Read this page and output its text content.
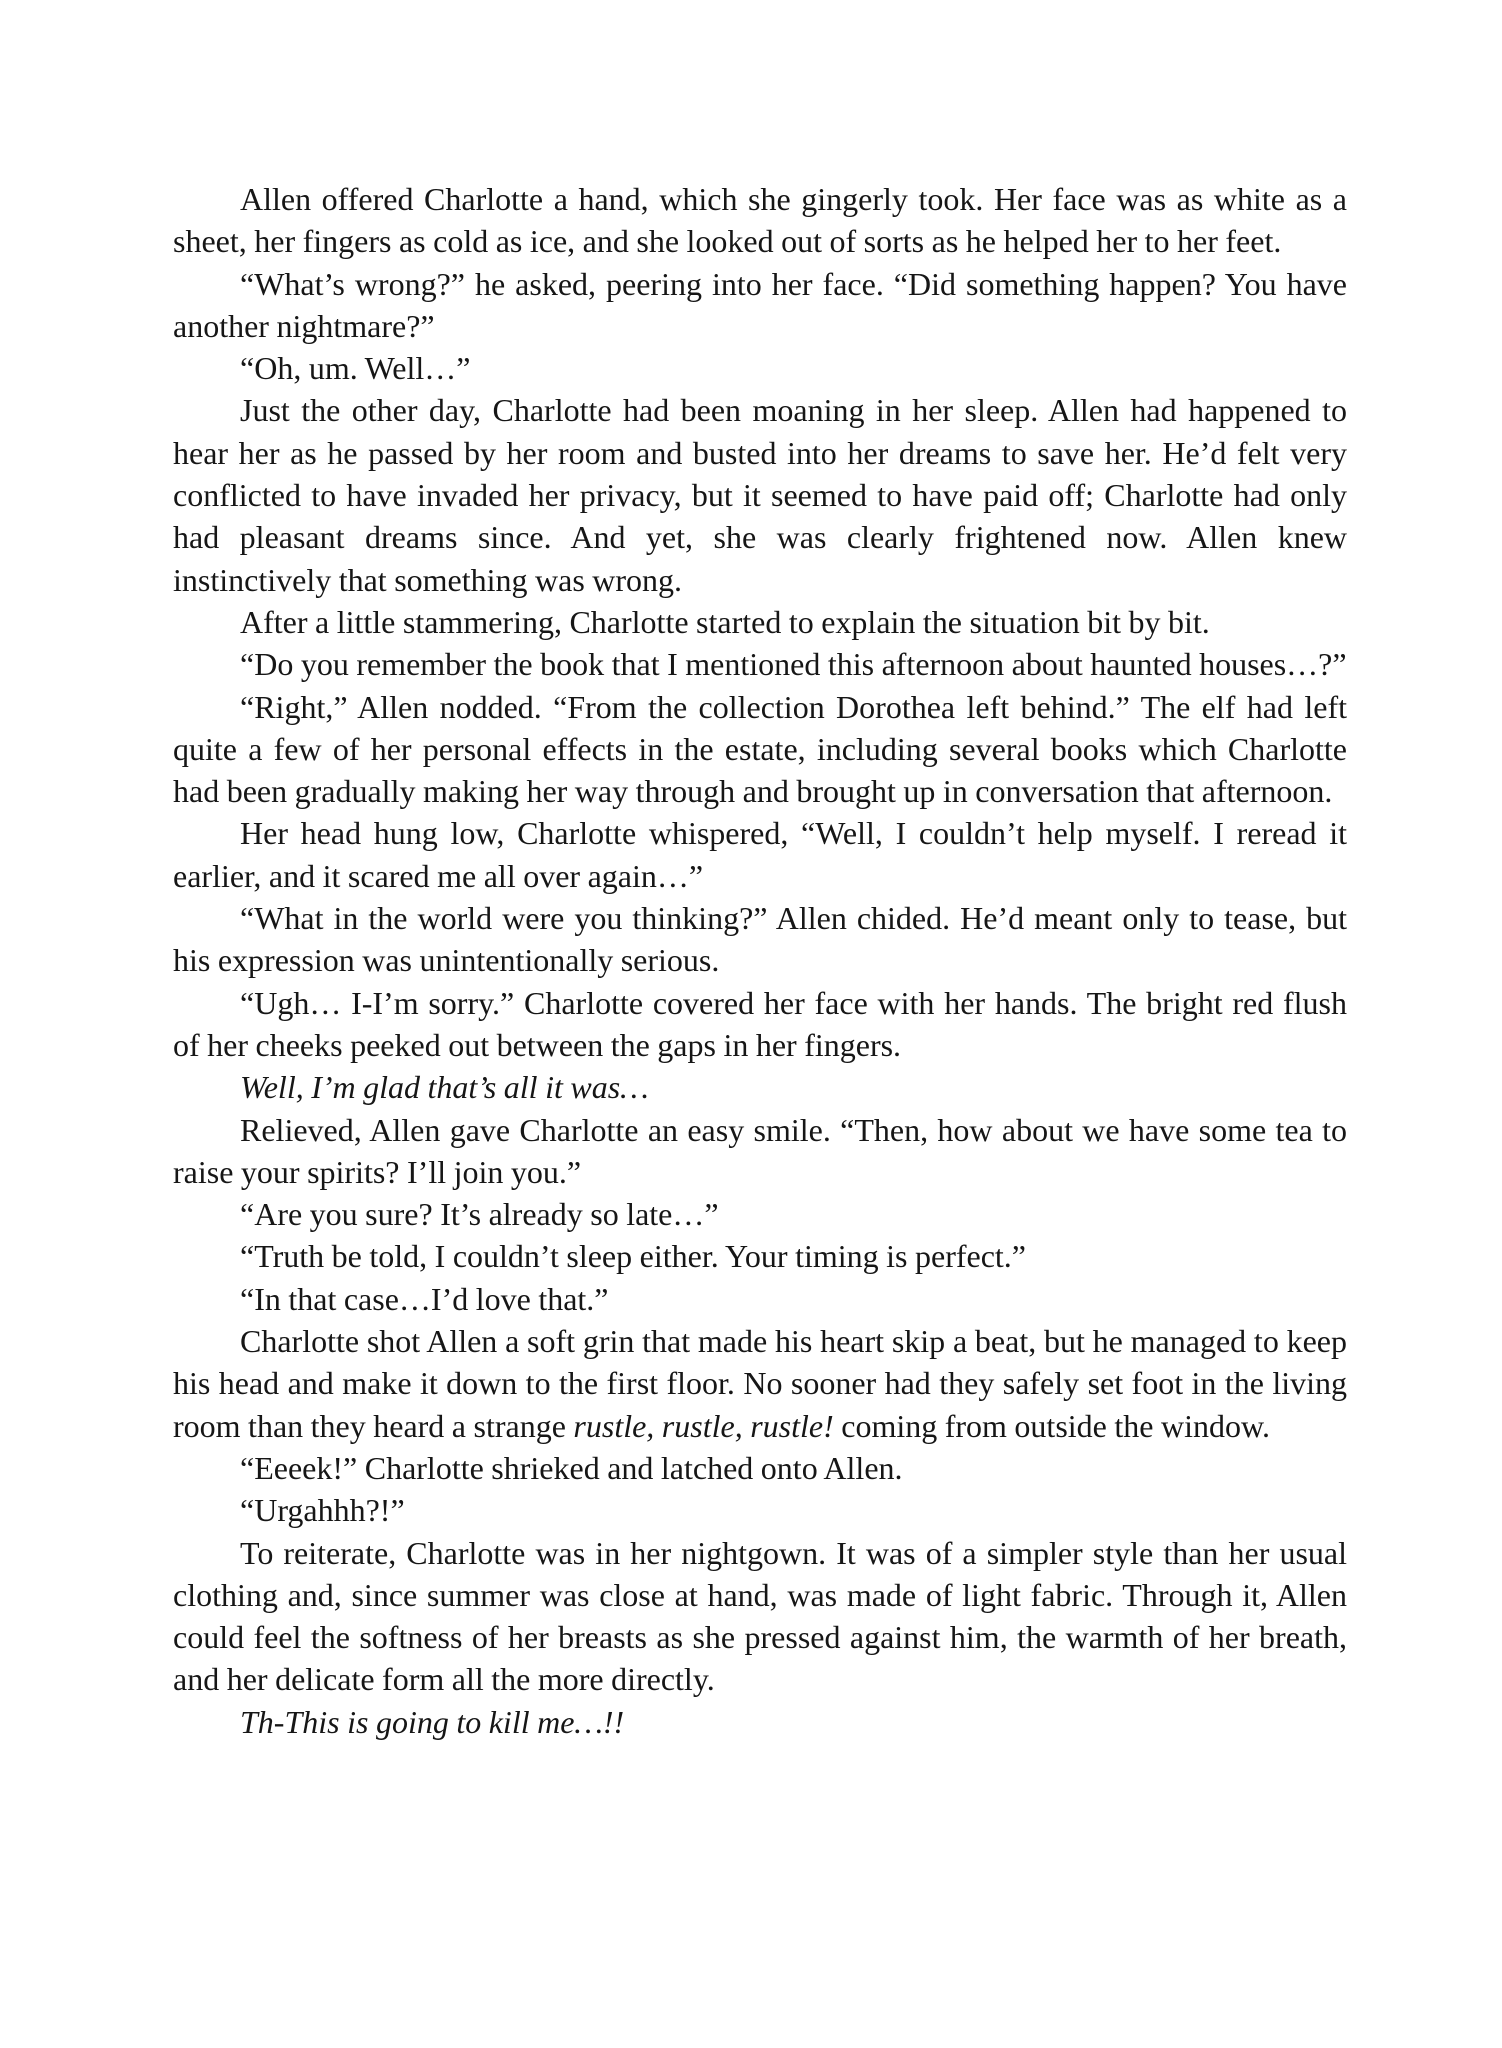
Allen offered Charlotte a hand, which she gingerly took. Her face was as white as a sheet, her fingers as cold as ice, and she looked out of sorts as he helped her to her feet.

“What’s wrong?” he asked, peering into her face. “Did something happen? You have another nightmare?”

“Oh, um. Well…”

Just the other day, Charlotte had been moaning in her sleep. Allen had happened to hear her as he passed by her room and busted into her dreams to save her. He’d felt very conflicted to have invaded her privacy, but it seemed to have paid off; Charlotte had only had pleasant dreams since. And yet, she was clearly frightened now. Allen knew instinctively that something was wrong.

After a little stammering, Charlotte started to explain the situation bit by bit.

“Do you remember the book that I mentioned this afternoon about haunted houses…?”

“Right,” Allen nodded. “From the collection Dorothea left behind.” The elf had left quite a few of her personal effects in the estate, including several books which Charlotte had been gradually making her way through and brought up in conversation that afternoon.

Her head hung low, Charlotte whispered, “Well, I couldn’t help myself. I reread it earlier, and it scared me all over again…”

“What in the world were you thinking?” Allen chided. He’d meant only to tease, but his expression was unintentionally serious.

“Ugh… I-I’m sorry.” Charlotte covered her face with her hands. The bright red flush of her cheeks peeked out between the gaps in her fingers.

Well, I’m glad that’s all it was…

Relieved, Allen gave Charlotte an easy smile. “Then, how about we have some tea to raise your spirits? I’ll join you.”

“Are you sure? It’s already so late…”

“Truth be told, I couldn’t sleep either. Your timing is perfect.”

“In that case…I’d love that.”

Charlotte shot Allen a soft grin that made his heart skip a beat, but he managed to keep his head and make it down to the first floor. No sooner had they safely set foot in the living room than they heard a strange rustle, rustle, rustle! coming from outside the window.

“Eeeek!” Charlotte shrieked and latched onto Allen.

“Urgahhh?!”

To reiterate, Charlotte was in her nightgown. It was of a simpler style than her usual clothing and, since summer was close at hand, was made of light fabric. Through it, Allen could feel the softness of her breasts as she pressed against him, the warmth of her breath, and her delicate form all the more directly.

Th-This is going to kill me…!!
